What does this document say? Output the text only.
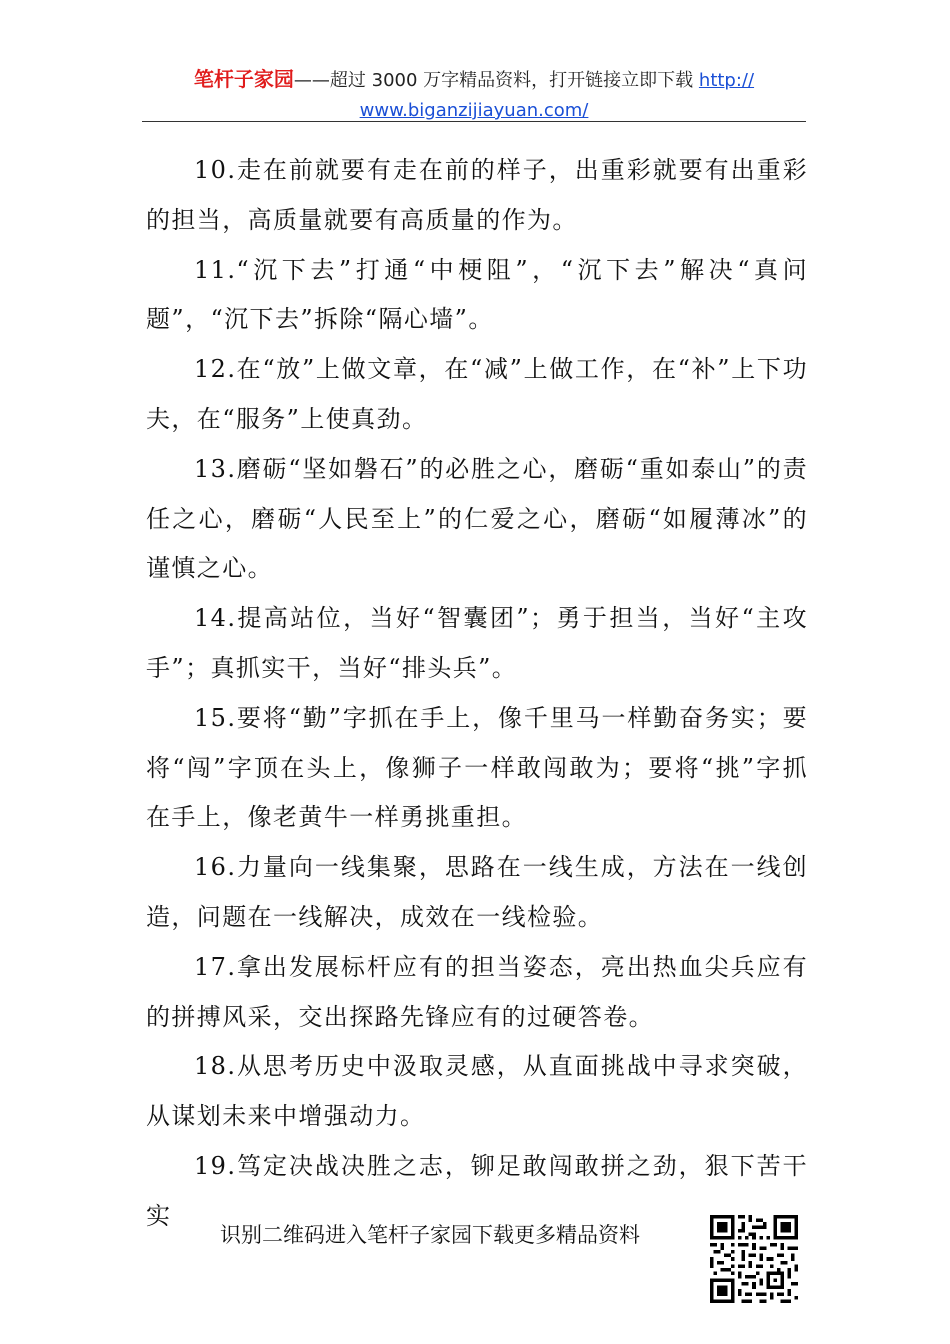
笔杆子家园——超过 3000 万字精品资料，打开链接立即下载 http://
www.biganzijiayuan.com/

10.走在前就要有走在前的样子，出重彩就要有出重彩的担当，高质量就要有高质量的作为。

11.“沉下去”打通“中梗阻”，“沉下去”解决“真问题”，“沉下去”拆除“隔心墙”。

12.在“放”上做文章，在“减”上做工作，在“补”上下功夫，在“服务”上使真劲。

13.磨砺“坚如磐石”的必胜之心，磨砺“重如泰山”的责任之心，磨砺“人民至上”的仁爱之心，磨砺“如履薄冰”的谨慎之心。

14.提高站位，当好“智囊团”；勇于担当，当好“主攻手”；真抓实干，当好“排头兵”。

15.要将“勤”字抓在手上，像千里马一样勤奋务实；要将“闯”字顶在头上，像狮子一样敢闯敢为；要将“挑”字抓在手上，像老黄牛一样勇挑重担。

16.力量向一线集聚，思路在一线生成，方法在一线创造，问题在一线解决，成效在一线检验。

17.拿出发展标杆应有的担当姿态，亮出热血尖兵应有的拼搏风采，交出探路先锋应有的过硬答卷。

18.从思考历史中汲取灵感，从直面挑战中寻求突破，从谋划未来中增强动力。

19.笃定决战决胜之志，铆足敢闯敢拼之劲，狠下苦干实

识别二维码进入笔杆子家园下载更多精品资料
